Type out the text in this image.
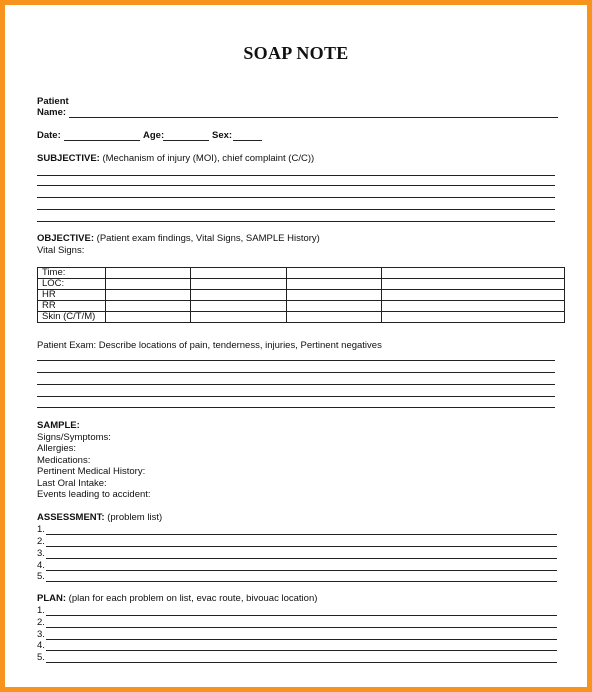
SOAP NOTE
Patient
Name:
Date:	Age:	Sex:
SUBJECTIVE: (Mechanism of injury (MOI), chief complaint (C/C))
OBJECTIVE: (Patient exam findings, Vital Signs, SAMPLE History)
Vital Signs:
Time:				
LOC:				
HR				
RR				
Skin (C/T/M)				
Patient Exam: Describe locations of pain, tenderness, injuries, Pertinent negatives
SAMPLE:
Signs/Symptoms:
Allergies:
Medications:
Pertinent Medical History:
Last Oral Intake:
Events leading to accident:
ASSESSMENT: (problem list)
1.
2.
3.
4.
5.
PLAN: (plan for each problem on list, evac route, bivouac location)
1.
2.
3.
4.
5.
